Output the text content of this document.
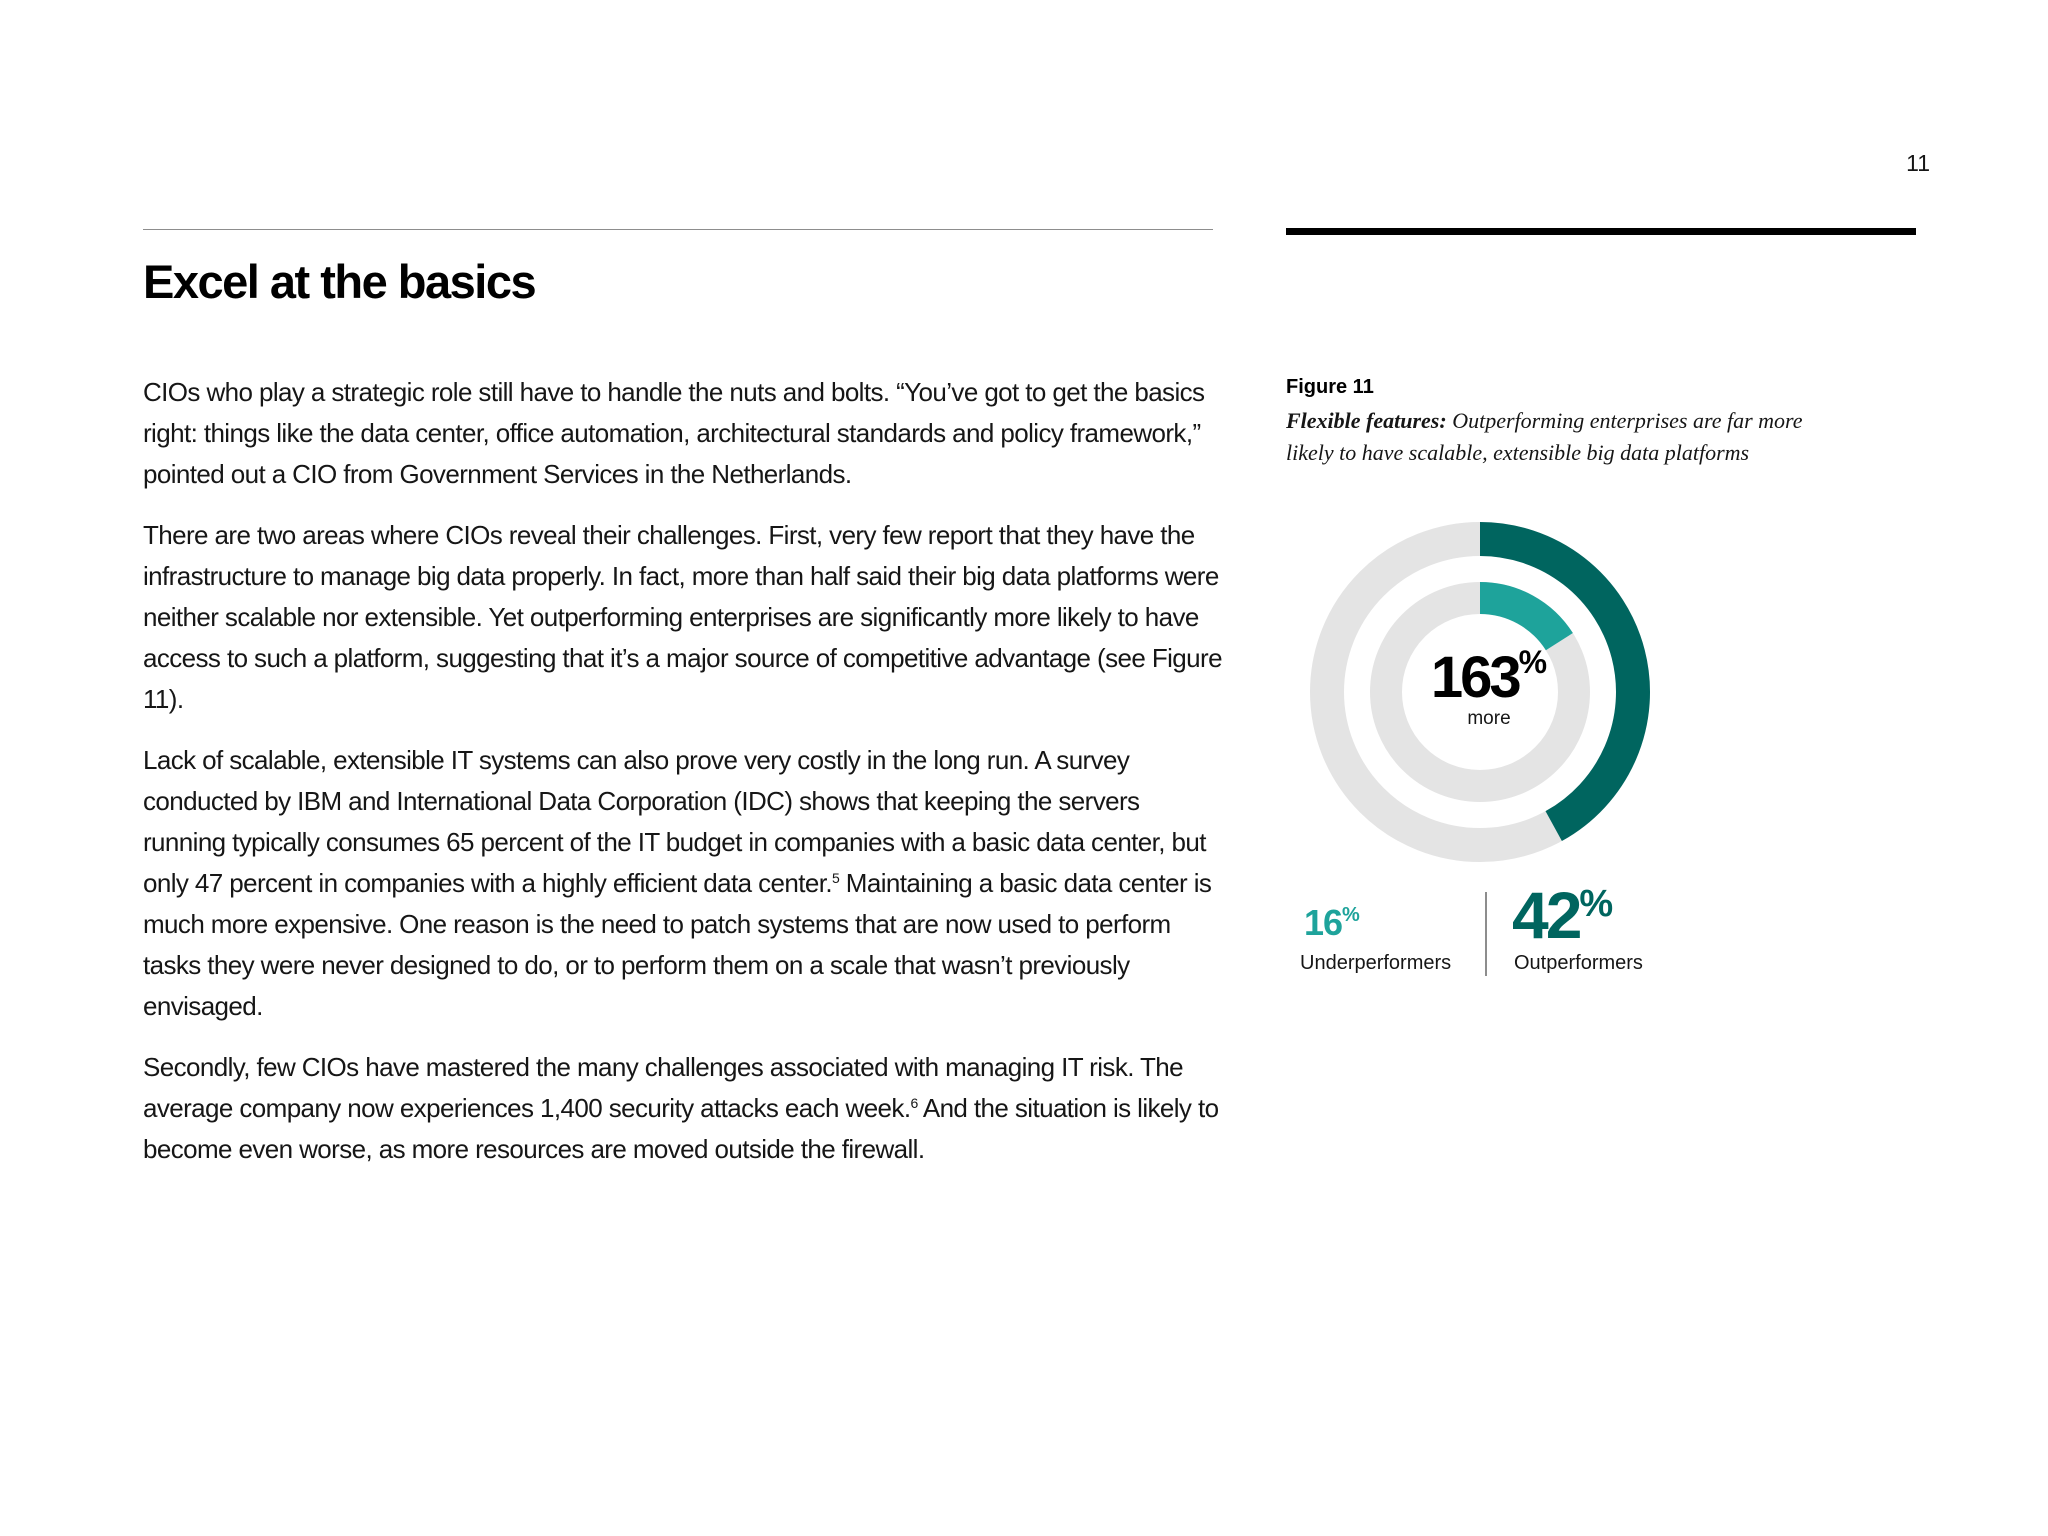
11
Excel at the basics

CIOs who play a strategic role still have to handle the nuts and bolts. “You’ve got to get the basics right: things like the data center, office automation, architectural standards and policy framework,” pointed out a CIO from Government Services in the Netherlands.

There are two areas where CIOs reveal their challenges. First, very few report that they have the infrastructure to manage big data properly. In fact, more than half said their big data platforms were neither scalable nor extensible. Yet outperforming enterprises are significantly more likely to have access to such a platform, suggesting that it’s a major source of competitive advantage (see Figure 11).

Lack of scalable, extensible IT systems can also prove very costly in the long run. A survey conducted by IBM and International Data Corporation (IDC) shows that keeping the servers running typically consumes 65 percent of the IT budget in companies with a basic data center, but only 47 percent in companies with a highly efficient data center.$^5$ Maintaining a basic data center is much more expensive. One reason is the need to patch systems that are now used to perform tasks they were never designed to do, or to perform them on a scale that wasn’t previously envisaged.

Secondly, few CIOs have mastered the many challenges associated with managing IT risk. The average company now experiences 1,400 security attacks each week.$^6$ And the situation is likely to become even worse, as more resources are moved outside the firewall.

Figure 11

Flexible features: Outperforming enterprises are far more likely to have scalable, extensible big data platforms

163%
more
16%
Underperformers
42%
Outperformers
